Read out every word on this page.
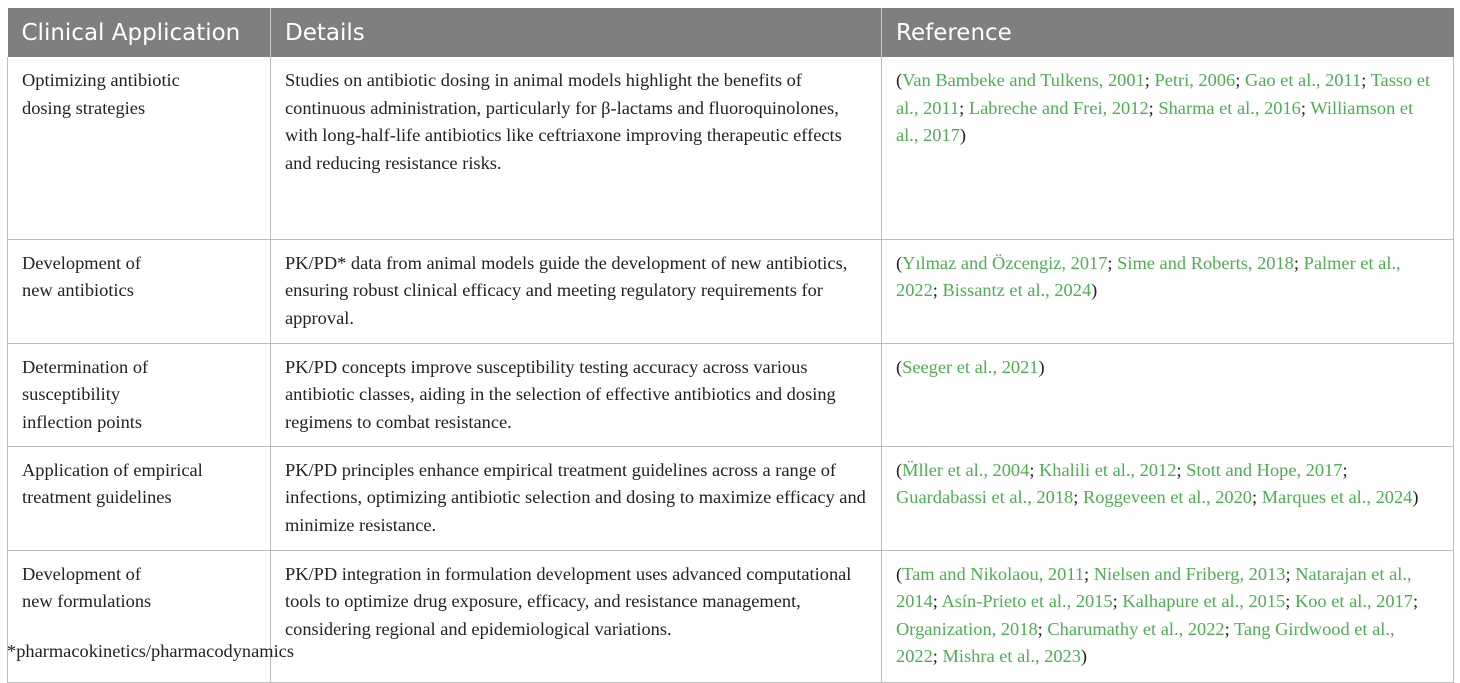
Clinical Application	Details	Reference
Optimizing antibiotic
dosing strategies	Studies on antibiotic dosing in animal models highlight the benefits of continuous administration, particularly for β-lactams and fluoroquinolones, with long-half-life antibiotics like ceftriaxone improving therapeutic effects and reducing resistance risks.	(Van Bambeke and Tulkens, 2001; Petri, 2006; Gao et al., 2011; Tasso et al., 2011; Labreche and Frei, 2012; Sharma et al., 2016; Williamson et al., 2017)
Development of
new antibiotics	PK/PD* data from animal models guide the development of new antibiotics, ensuring robust clinical efficacy and meeting regulatory requirements for approval.	(Yılmaz and Özcengiz, 2017; Sime and Roberts, 2018; Palmer et al., 2022; Bissantz et al., 2024)
Determination of
susceptibility
inflection points	PK/PD concepts improve susceptibility testing accuracy across various antibiotic classes, aiding in the selection of effective antibiotics and dosing regimens to combat resistance.	(Seeger et al., 2021)
Application of empirical
treatment guidelines	PK/PD principles enhance empirical treatment guidelines across a range of infections, optimizing antibiotic selection and dosing to maximize efficacy and minimize resistance.	(M̈ller et al., 2004; Khalili et al., 2012; Stott and Hope, 2017; Guardabassi et al., 2018; Roggeveen et al., 2020; Marques et al., 2024)
Development of
new formulations	PK/PD integration in formulation development uses advanced computational tools to optimize drug exposure, efficacy, and resistance management, considering regional and epidemiological variations.	(Tam and Nikolaou, 2011; Nielsen and Friberg, 2013; Natarajan et al., 2014; Asín-Prieto et al., 2015; Kalhapure et al., 2015; Koo et al., 2017; Organization, 2018; Charumathy et al., 2022; Tang Girdwood et al., 2022; Mishra et al., 2023)
*pharmacokinetics/pharmacodynamics
